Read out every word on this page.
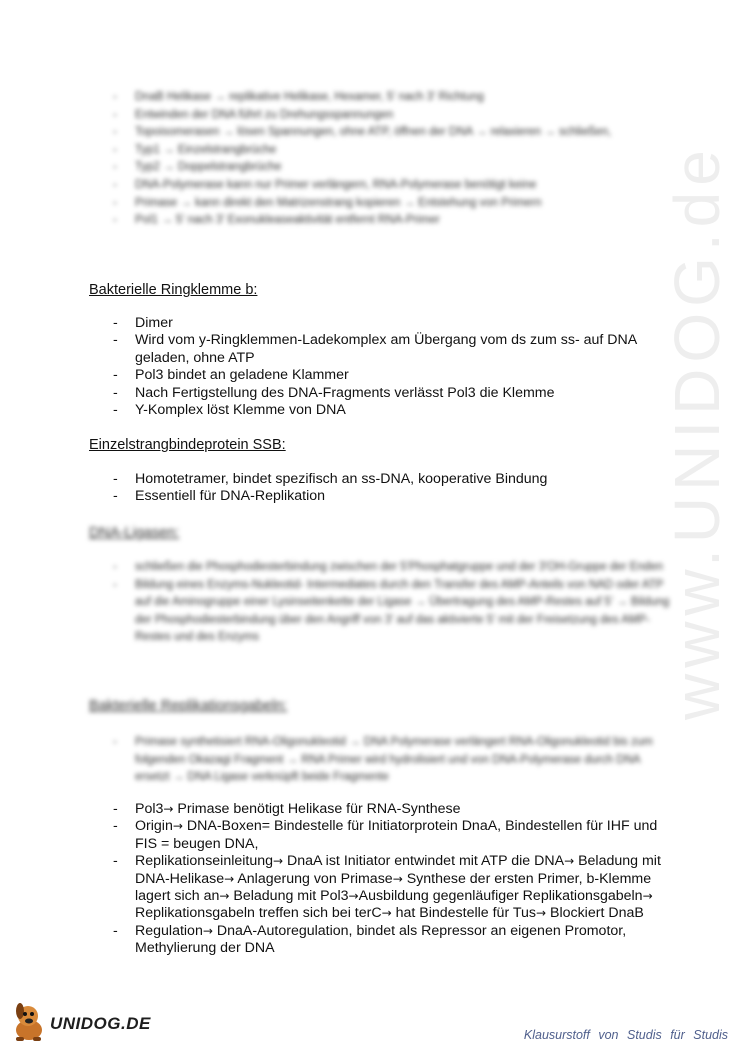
www.UNIDOG.de
- DnaB Helikase → replikative Helikase, Hexamer, 5' nach 3' Richtung
- Entwinden der DNA führt zu Drehungsspannungen
- Topoisomerasen → lösen Spannungen, ohne ATP, öffnen der DNA → relaxieren → schließen,
- Typ1 → Einzelstrangbrüche
- Typ2 → Doppelstrangbrüche
- DNA-Polymerase kann nur Primer verlängern, RNA-Polymerase benötigt keine
- Primase → kann direkt den Matrizenstrang kopieren → Entstehung von Primern
- Pol1 → 5' nach 3' Exonukleaseaktivität entfernt RNA-Primer
Bakterielle Ringklemme b:
- Dimer
- Wird vom y-Ringklemmen-Ladekomplex am Übergang vom ds zum ss- auf DNA geladen, ohne ATP
- Pol3 bindet an geladene Klammer
- Nach Fertigstellung des DNA-Fragments verlässt Pol3 die Klemme
- Y-Komplex löst Klemme von DNA
Einzelstrangbindeprotein SSB:
- Homotetramer, bindet spezifisch an ss-DNA, kooperative Bindung
- Essentiell für DNA-Replikation
DNA-Ligasen:
- schließen die Phosphodiesterbindung zwischen der 5'Phosphatgruppe und der 3'OH-Gruppe der Enden
- Bildung eines Enzyms-Nukleotid- Intermediates durch den Transfer des AMP-Anteils von NAD oder ATP auf die Aminogruppe einer Lysinseitenkette der Ligase → Übertragung des AMP-Restes auf 5' → Bildung der Phosphodiesterbindung über den Angriff von 3' auf das aktivierte 5' mit der Freisetzung des AMP-Restes und des Enzyms
Bakterielle Replikationsgabeln:
- Primase synthetisiert RNA-Oligonukleotid → DNA Polymerase verlängert RNA-Oligonukleotid bis zum folgenden Okazagi Fragment → RNA Primer wird hydrolisiert und von DNA-Polymerase durch DNA ersetzt → DNA Ligase verknüpft beide Fragmente
- Pol3→ Primase benötigt Helikase für RNA-Synthese
- Origin→ DNA-Boxen= Bindestelle für Initiatorprotein DnaA, Bindestellen für IHF und FIS = beugen DNA,
- Replikationseinleitung→ DnaA ist Initiator entwindet mit ATP die DNA→ Beladung mit DNA-Helikase→ Anlagerung von Primase→ Synthese der ersten Primer, b-Klemme lagert sich an→ Beladung mit Pol3→Ausbildung gegenläufiger Replikationsgabeln→ Replikationsgabeln treffen sich bei terC→ hat Bindestelle für Tus→ Blockiert DnaB
- Regulation→ DnaA-Autoregulation, bindet als Repressor an eigenen Promotor, Methylierung der DNA
UNIDOG.DE
Klausurstoff von Studis für Studis
